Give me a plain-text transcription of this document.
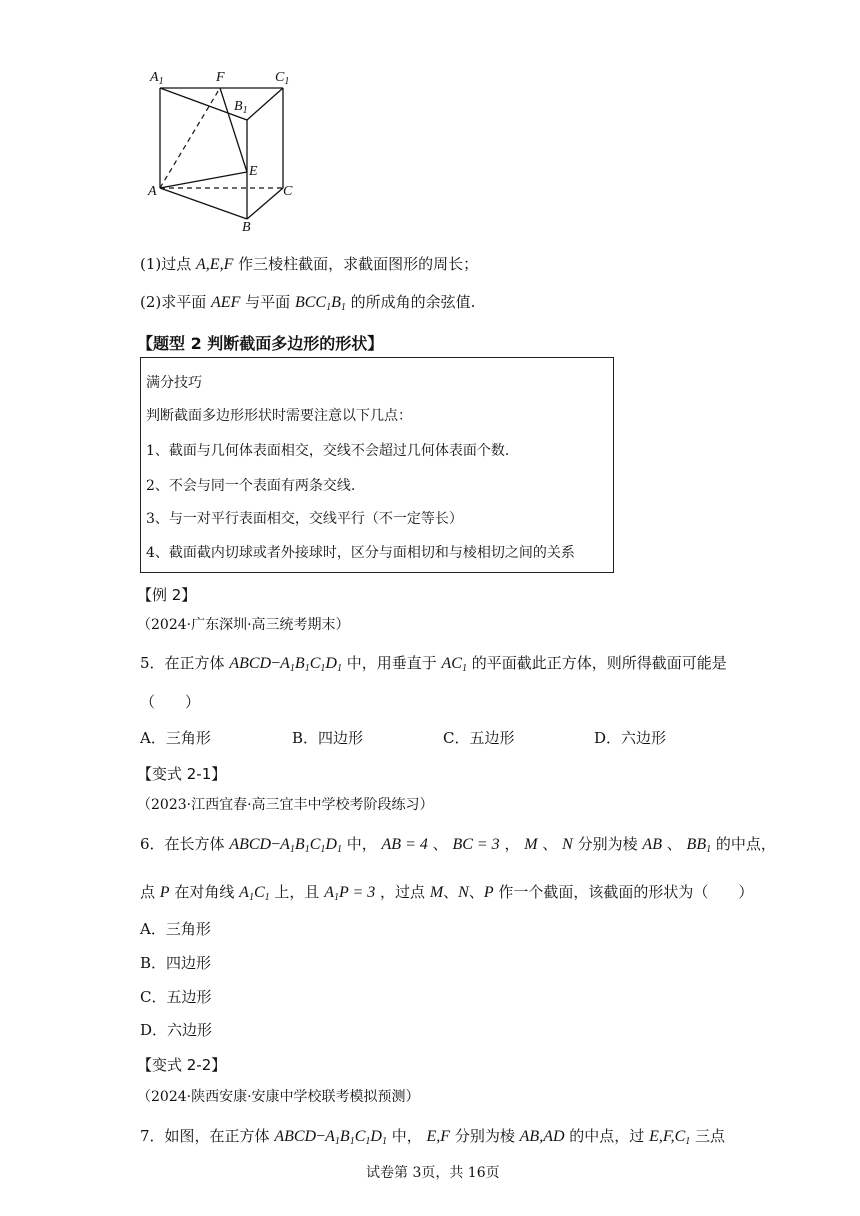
$A_1$	F	$C_1$
$B_1$
E
A	C
B
(1)过点 A,E,F 作三棱柱截面，求截面图形的周长；
(2)求平面 AEF 与平面 $BCC_1B_1$ 的所成角的余弦值.
【题型 2 判断截面多边形的形状】
满分技巧
判断截面多边形形状时需要注意以下几点：
1、截面与几何体表面相交，交线不会超过几何体表面个数.
2、不会与同一个表面有两条交线.
3、与一对平行表面相交，交线平行（不一定等长）
4、截面截内切球或者外接球时，区分与面相切和与棱相切之间的关系
【例 2】
（2024·广东深圳·高三统考期末）
5．在正方体 $ABCD-A_1B_1C_1D_1$ 中，用垂直于 $AC_1$ 的平面截此正方体，则所得截面可能是
（　　）
A．三角形	B．四边形	C．五边形	D．六边形
【变式 2-1】
（2023·江西宜春·高三宜丰中学校考阶段练习）
6．在长方体 $ABCD-A_1B_1C_1D_1$ 中， AB = 4 、 BC = 3 ， M 、 N 分别为棱 AB 、 $BB_1$ 的中点，
点 P 在对角线 $A_1C_1$ 上，且 $A_1P = 3$ ，过点 M、N、P 作一个截面，该截面的形状为（　　）
A．三角形
B．四边形
C．五边形
D．六边形
【变式 2-2】
（2024·陕西安康·安康中学校联考模拟预测）
7．如图，在正方体 $ABCD-A_1B_1C_1D_1$ 中， E,F 分别为棱 AB,AD 的中点，过 $E,F,C_1$ 三点
试卷第 3页，共 16页
